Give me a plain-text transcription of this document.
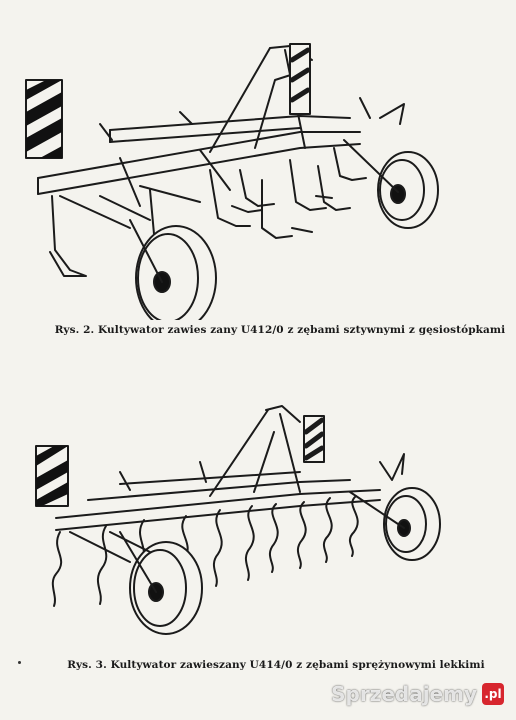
Rys. 2. Kultywator zawies zany U412/0 z zębami sztywnymi z gęsiostópkami
Rys. 3. Kultywator zawieszany U414/0 z zębami sprężynowymi lekkimi
Sprzedajemy .pl
